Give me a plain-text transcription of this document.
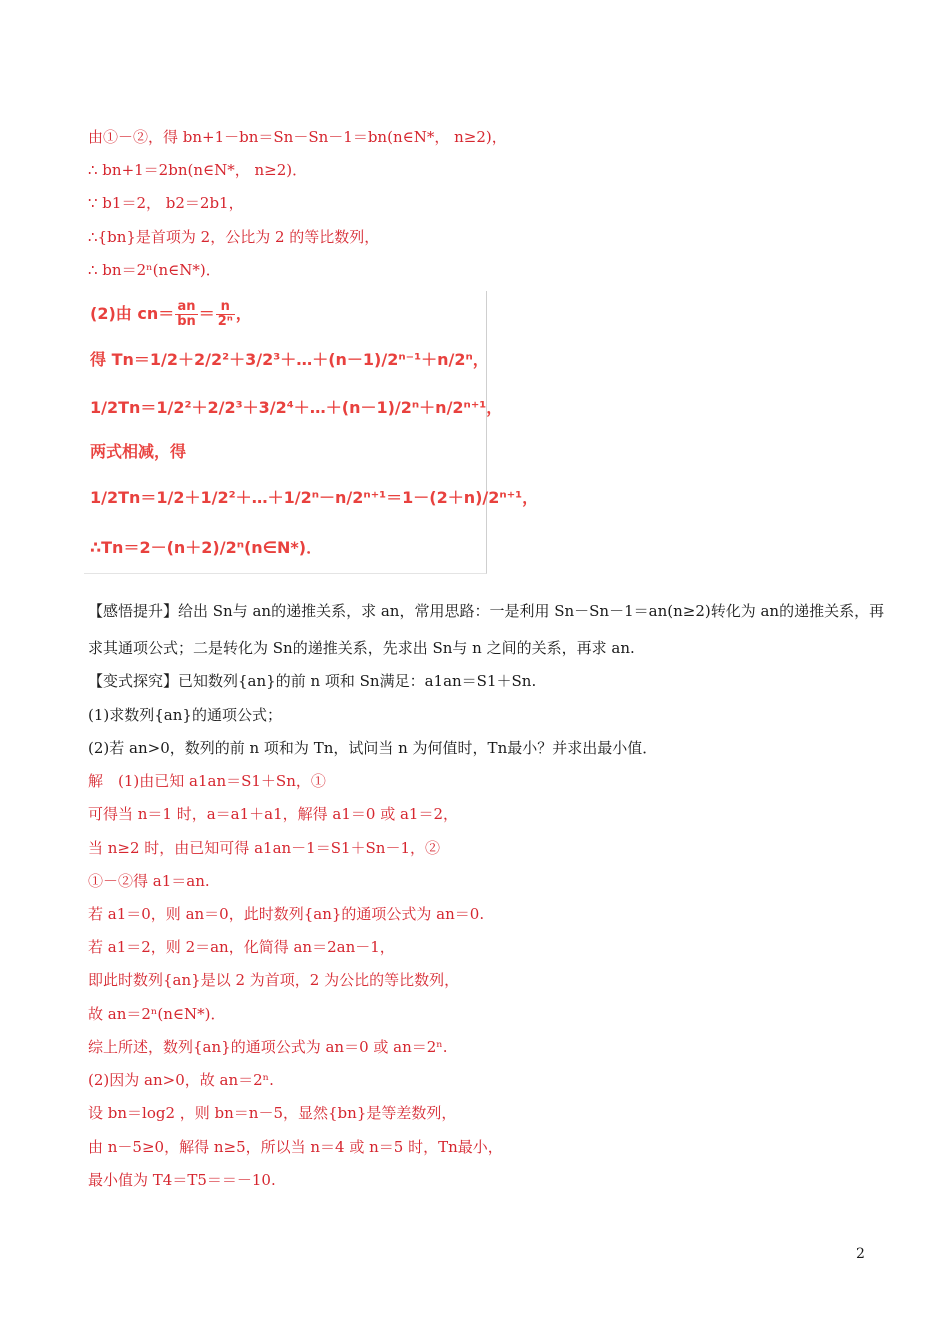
由①－②，得 bn+1－bn＝Sn－Sn－1＝bn(n∈N*， n≥2)，
∴ bn+1＝2bn(n∈N*， n≥2)．
∵ b1＝2， b2＝2b1，
∴{bn}是首项为 2，公比为 2 的等比数列，
∴ bn＝2ⁿ(n∈N*)．
(2)由 $cn= \frac{an}{bn} = \frac{n}{\text{2ⁿ}}$ ，
得 Tn＝1/2＋2/2²＋3/2³＋…＋(n－1)/2ⁿ⁻¹＋n/2ⁿ，
1/2Tn＝1/2²＋2/2³＋3/2⁴＋…＋(n－1)/2ⁿ＋n/2ⁿ⁺¹，
两式相减，得
1/2Tn＝1/2＋1/2²＋…＋1/2ⁿ－n/2ⁿ⁺¹＝1－(2＋n)/2ⁿ⁺¹，
∴Tn＝2－(n＋2)/2ⁿ(n∈N*)．
【感悟提升】给出 Sn与 an的递推关系，求 an，常用思路：一是利用 Sn－Sn－1＝an(n≥2)转化为 an的递推关系，再
求其通项公式；二是转化为 Sn的递推关系，先求出 Sn与 n 之间的关系，再求 an.
【变式探究】已知数列{an}的前 n 项和 Sn满足：a1an＝S1＋Sn.
(1)求数列{an}的通项公式；
(2)若 an>0，数列的前 n 项和为 Tn，试问当 n 为何值时，Tn最小？并求出最小值．
解　(1)由已知 a1an＝S1＋Sn，①
可得当 n＝1 时，a＝a1＋a1，解得 a1＝0 或 a1＝2，
当 n≥2 时，由已知可得 a1an－1＝S1＋Sn－1，②
①－②得 a1＝an.
若 a1＝0，则 an＝0，此时数列{an}的通项公式为 an＝0.
若 a1＝2，则 2＝an，化简得 an＝2an－1，
即此时数列{an}是以 2 为首项，2 为公比的等比数列，
故 an＝2ⁿ(n∈N*)．
综上所述，数列{an}的通项公式为 an＝0 或 an＝2ⁿ.
(2)因为 an>0，故 an＝2ⁿ.
设 bn＝log2 ，则 bn＝n－5，显然{bn}是等差数列，
由 n－5≥0，解得 n≥5，所以当 n＝4 或 n＝5 时，Tn最小，
最小值为 T4＝T5＝＝－10.
2
